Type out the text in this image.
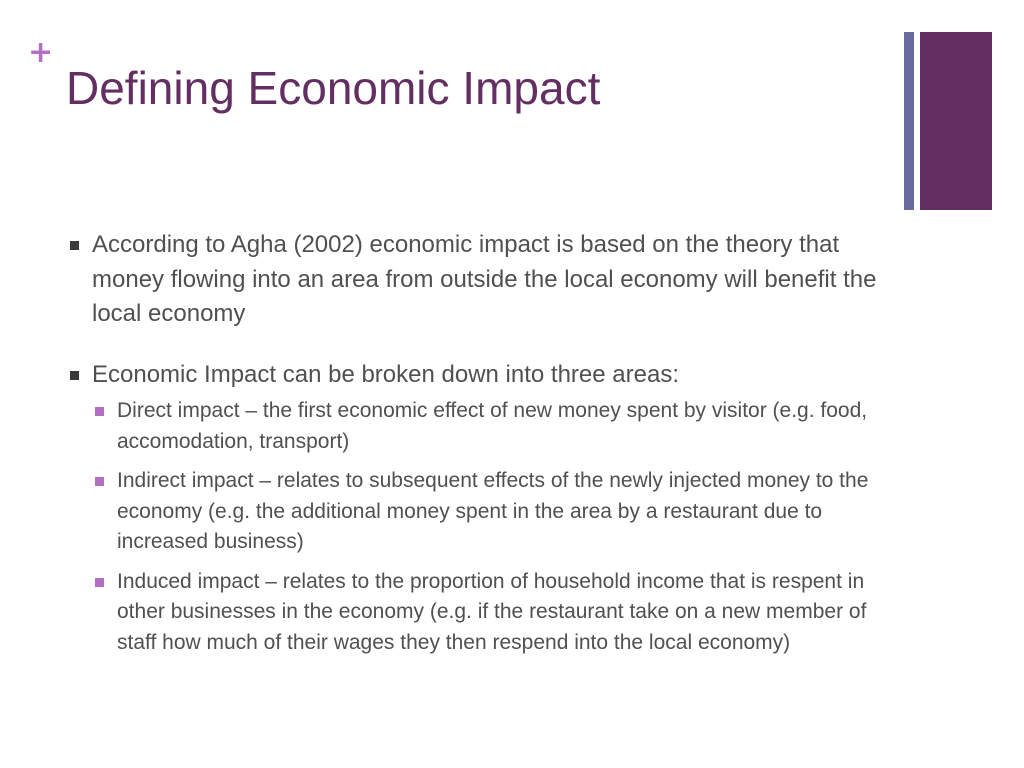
+
Defining Economic Impact
According to Agha (2002) economic impact is based on the theory that money flowing into an area from outside the local economy will benefit the local economy
Economic Impact can be broken down into three areas:
Direct impact – the first economic effect of new money spent by visitor (e.g. food, accomodation, transport)
Indirect impact – relates to subsequent effects of the newly injected money to the economy (e.g. the additional money spent in the area by a restaurant due to increased business)
Induced impact – relates to the proportion of household income that is respent in other businesses in the economy (e.g. if the restaurant take on a new member of staff how much of their wages they then respend into the local economy)
